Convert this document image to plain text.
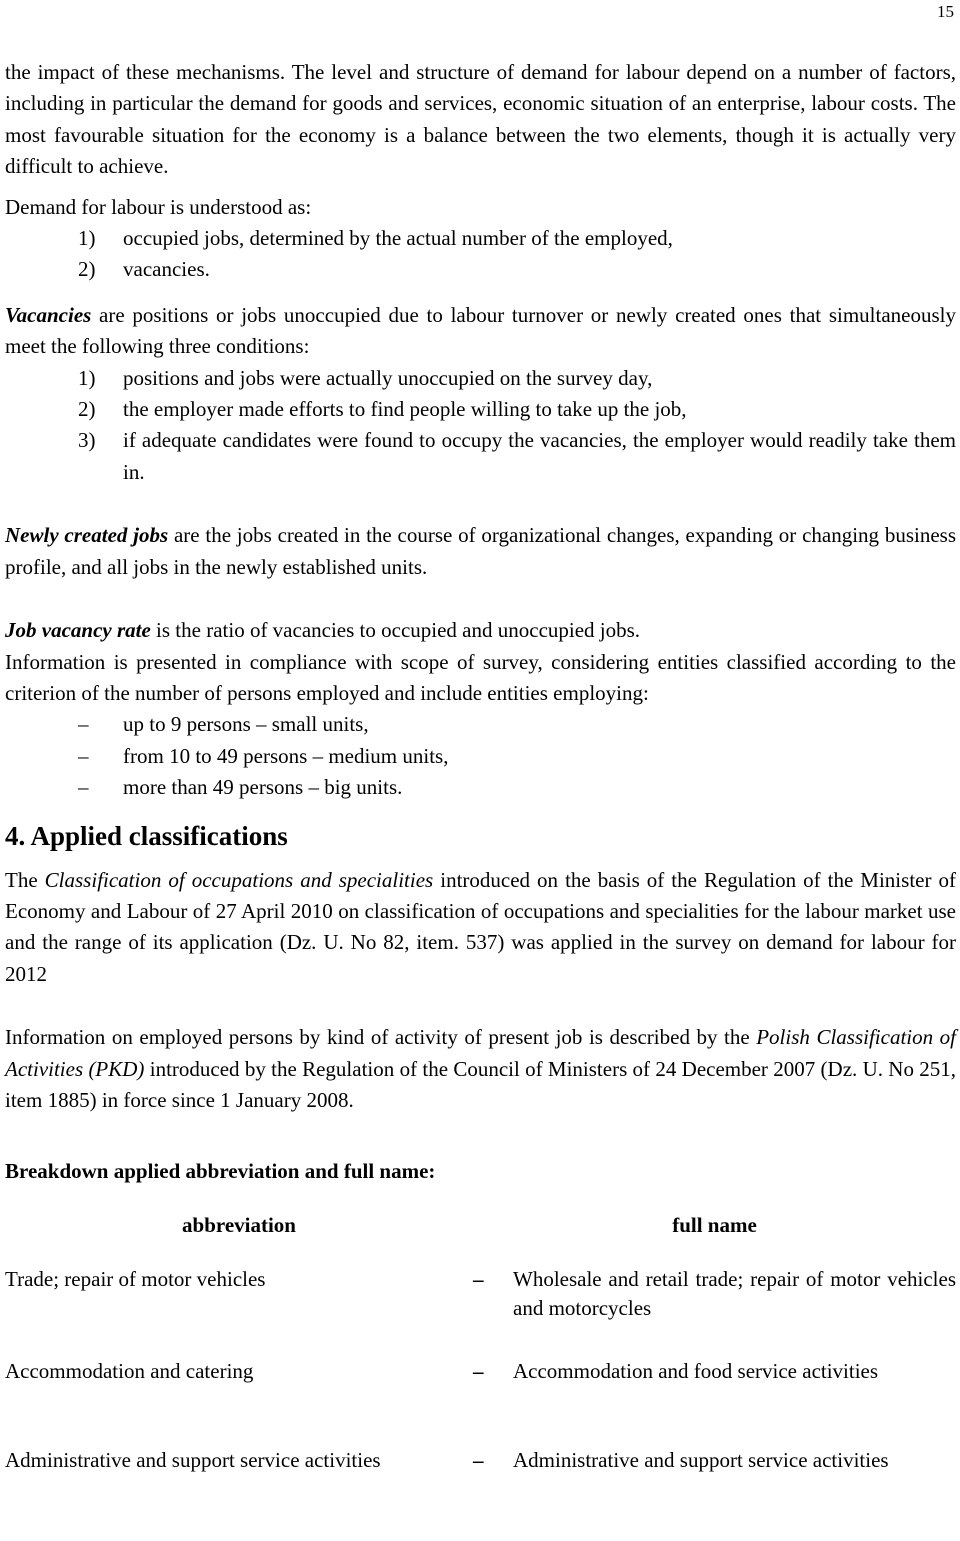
15

the impact of these mechanisms. The level and structure of demand for labour depend on a number of factors, including in particular the demand for goods and services, economic situation of an enterprise, labour costs. The most favourable situation for the economy is a balance between the two elements, though it is actually very difficult to achieve.

Demand for labour is understood as:

1)	occupied jobs, determined by the actual number of the employed,
2)	vacancies.

Vacancies are positions or jobs unoccupied due to labour turnover or newly created ones that simultaneously meet the following three conditions:

1)	positions and jobs were actually unoccupied on the survey day,
2)	the employer made efforts to find people willing to take up the job,
3)	if adequate candidates were found to occupy the vacancies, the employer would readily take them in.

Newly created jobs are the jobs created in the course of organizational changes, expanding or changing business profile, and all jobs in the newly established units.

Job vacancy rate is the ratio of vacancies to occupied and unoccupied jobs.

Information is presented in compliance with scope of survey, considering entities classified according to the criterion of the number of persons employed and include entities employing:

–	up to 9 persons – small units,
–	from 10 to 49 persons – medium units,
–	more than 49 persons – big units.
4. Applied classifications

The Classification of occupations and specialities introduced on the basis of the Regulation of the Minister of Economy and Labour of 27 April 2010 on classification of occupations and specialities for the labour market use and the range of its application (Dz. U. No 82, item. 537) was applied in the survey on demand for labour for 2012

Information on employed persons by kind of activity of present job is described by the Polish Classification of Activities (PKD) introduced by the Regulation of the Council of Ministers of 24 December 2007 (Dz. U. No 251, item 1885) in force since 1 January 2008.

Breakdown applied abbreviation and full name:
abbreviation	full name	
Trade; repair of motor vehicles	–	Wholesale and retail trade; repair of motor vehicles and motorcycles

Accommodation and catering	–	Accommodation and food service activities

Administrative and support service activities	–	Administrative and support service activities
